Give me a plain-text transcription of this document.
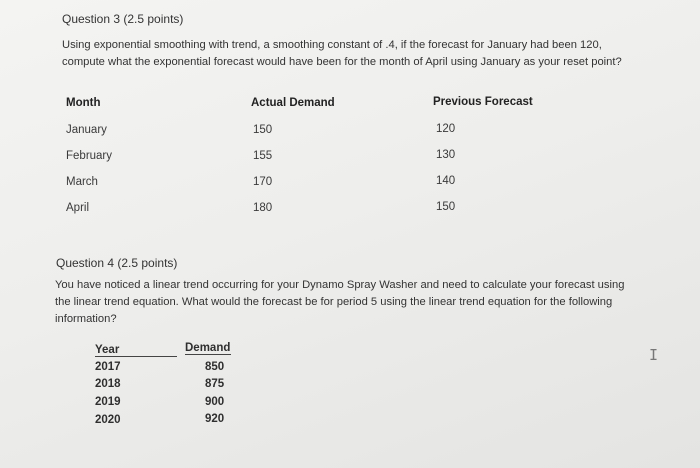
Question 3 (2.5 points)
Using exponential smoothing with trend, a smoothing constant of .4, if the forecast for January had been 120, compute what the exponential forecast would have been for the month of April using January as your reset point?
Month	Actual Demand	Previous Forecast
January	150	120
February	155	130
March	170	140
April	180	150
Question 4 (2.5 points)
You have noticed a linear trend occurring for your Dynamo Spray Washer and need to calculate your forecast using the linear trend equation. What would the forecast be for period 5 using the linear trend equation for the following information?
Year	Demand
2017	850
2018	875
2019	900
2020	920
I
